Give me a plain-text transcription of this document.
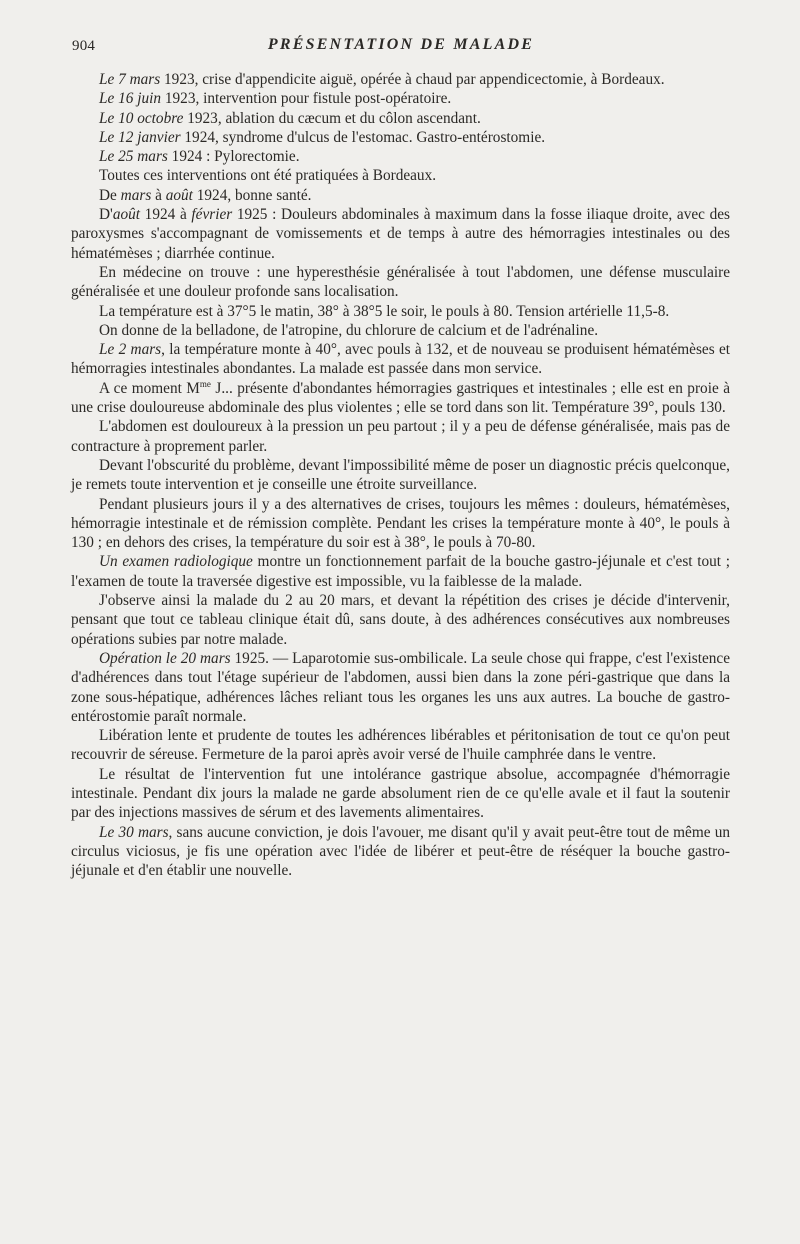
904	PRÉSENTATION DE MALADE

Le 7 mars 1923, crise d'appendicite aiguë, opérée à chaud par appendicectomie, à Bordeaux.

Le 16 juin 1923, intervention pour fistule post-opératoire.

Le 10 octobre 1923, ablation du cæcum et du côlon ascendant.

Le 12 janvier 1924, syndrome d'ulcus de l'estomac. Gastro-entérostomie.

Le 25 mars 1924 : Pylorectomie.

Toutes ces interventions ont été pratiquées à Bordeaux.

De mars à août 1924, bonne santé.

D'août 1924 à février 1925 : Douleurs abdominales à maximum dans la fosse iliaque droite, avec des paroxysmes s'accompagnant de vomissements et de temps à autre des hémorragies intestinales ou des hématémèses ; diarrhée continue.

En médecine on trouve : une hyperesthésie généralisée à tout l'abdomen, une défense musculaire généralisée et une douleur profonde sans localisation.

La température est à 37°5 le matin, 38° à 38°5 le soir, le pouls à 80. Tension artérielle 11,5-8.

On donne de la belladone, de l'atropine, du chlorure de calcium et de l'adrénaline.

Le 2 mars, la température monte à 40°, avec pouls à 132, et de nouveau se produisent hématémèses et hémorragies intestinales abondantes. La malade est passée dans mon service.

A ce moment $M^{me}$ J... présente d'abondantes hémorragies gastriques et intestinales ; elle est en proie à une crise douloureuse abdominale des plus violentes ; elle se tord dans son lit. Température 39°, pouls 130.

L'abdomen est douloureux à la pression un peu partout ; il y a peu de défense généralisée, mais pas de contracture à proprement parler.

Devant l'obscurité du problème, devant l'impossibilité même de poser un diagnostic précis quelconque, je remets toute intervention et je conseille une étroite surveillance.

Pendant plusieurs jours il y a des alternatives de crises, toujours les mêmes : douleurs, hématémèses, hémorragie intestinale et de rémission complète. Pendant les crises la température monte à 40°, le pouls à 130 ; en dehors des crises, la température du soir est à 38°, le pouls à 70-80.

Un examen radiologique montre un fonctionnement parfait de la bouche gastro-jéjunale et c'est tout ; l'examen de toute la traversée digestive est impossible, vu la faiblesse de la malade.

J'observe ainsi la malade du 2 au 20 mars, et devant la répétition des crises je décide d'intervenir, pensant que tout ce tableau clinique était dû, sans doute, à des adhérences consécutives aux nombreuses opérations subies par notre malade.

Opération le 20 mars 1925. — Laparotomie sus-ombilicale. La seule chose qui frappe, c'est l'existence d'adhérences dans tout l'étage supérieur de l'abdomen, aussi bien dans la zone péri-gastrique que dans la zone sous-hépatique, adhérences lâches reliant tous les organes les uns aux autres. La bouche de gastro-entérostomie paraît normale.

Libération lente et prudente de toutes les adhérences libérables et péritonisation de tout ce qu'on peut recouvrir de séreuse. Fermeture de la paroi après avoir versé de l'huile camphrée dans le ventre.

Le résultat de l'intervention fut une intolérance gastrique absolue, accompagnée d'hémorragie intestinale. Pendant dix jours la malade ne garde absolument rien de ce qu'elle avale et il faut la soutenir par des injections massives de sérum et des lavements alimentaires.

Le 30 mars, sans aucune conviction, je dois l'avouer, me disant qu'il y avait peut-être tout de même un circulus viciosus, je fis une opération avec l'idée de libérer et peut-être de réséquer la bouche gastro-jéjunale et d'en établir une nouvelle.
